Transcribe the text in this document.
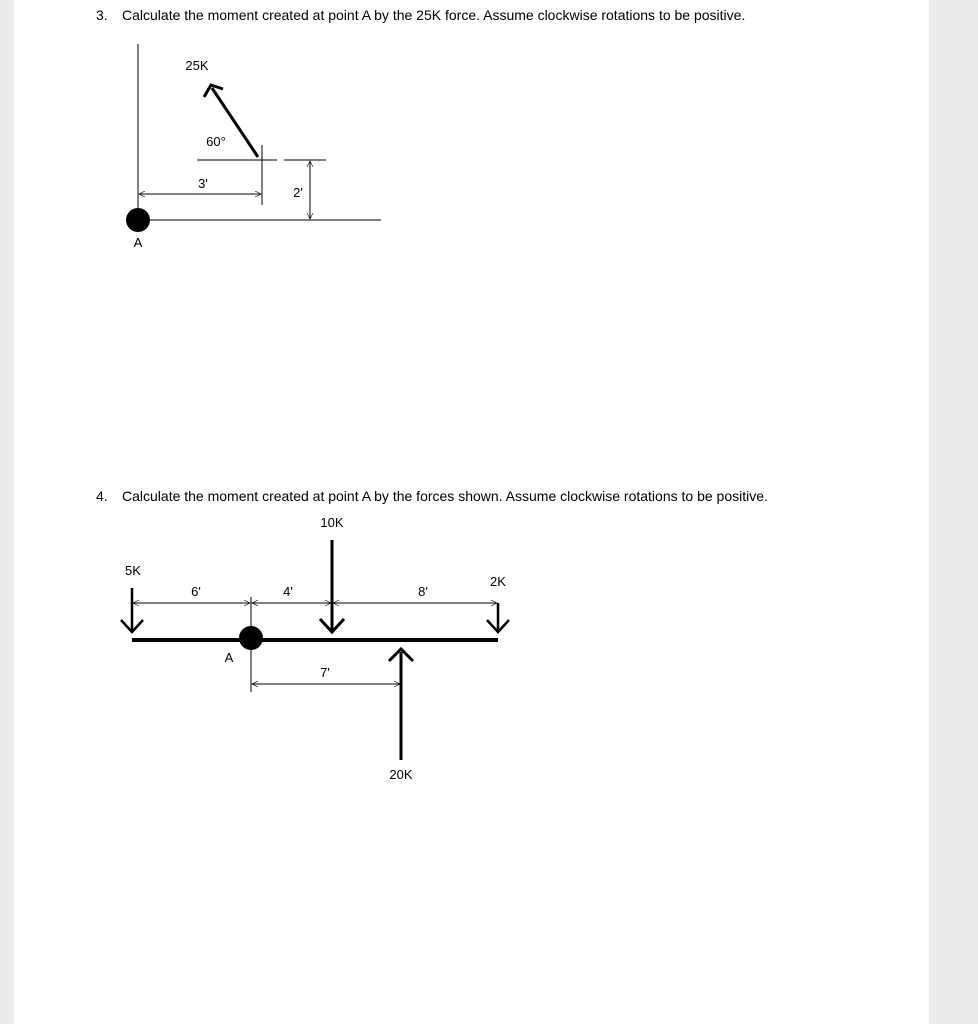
3. Calculate the moment created at point A by the 25K force. Assume clockwise rotations to be positive.
4. Calculate the moment created at point A by the forces shown. Assume clockwise rotations to be positive.
A
25K
60°
3'
2'
A
5K
10K
2K
20K
6'	4'	8'
7'
